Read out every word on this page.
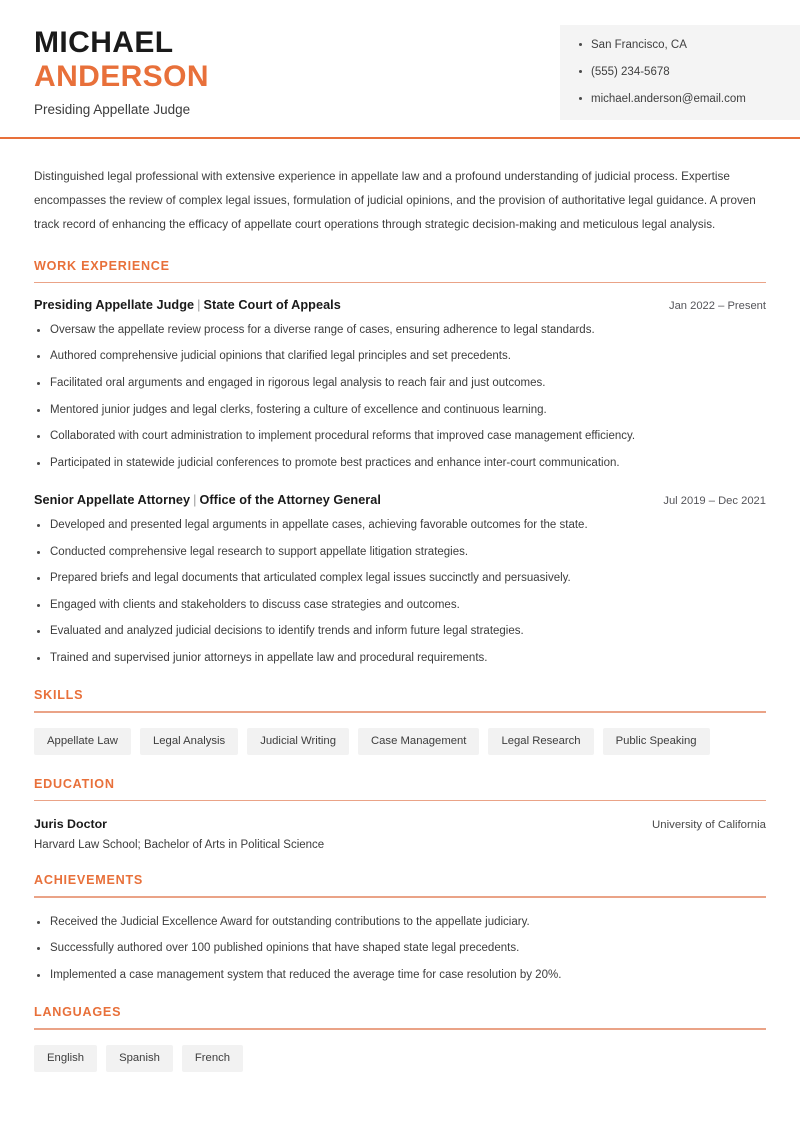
MICHAEL
ANDERSON
Presiding Appellate Judge
San Francisco, CA
(555) 234-5678
michael.anderson@email.com

Distinguished legal professional with extensive experience in appellate law and a profound understanding of judicial process. Expertise encompasses the review of complex legal issues, formulation of judicial opinions, and the provision of authoritative legal guidance. A proven track record of enhancing the efficacy of appellate court operations through strategic decision-making and meticulous legal analysis.

WORK EXPERIENCE
Presiding Appellate Judge | State Court of Appeals	Jan 2022 – Present
Oversaw the appellate review process for a diverse range of cases, ensuring adherence to legal standards.
Authored comprehensive judicial opinions that clarified legal principles and set precedents.
Facilitated oral arguments and engaged in rigorous legal analysis to reach fair and just outcomes.
Mentored junior judges and legal clerks, fostering a culture of excellence and continuous learning.
Collaborated with court administration to implement procedural reforms that improved case management efficiency.
Participated in statewide judicial conferences to promote best practices and enhance inter-court communication.
Senior Appellate Attorney | Office of the Attorney General	Jul 2019 – Dec 2021
Developed and presented legal arguments in appellate cases, achieving favorable outcomes for the state.
Conducted comprehensive legal research to support appellate litigation strategies.
Prepared briefs and legal documents that articulated complex legal issues succinctly and persuasively.
Engaged with clients and stakeholders to discuss case strategies and outcomes.
Evaluated and analyzed judicial decisions to identify trends and inform future legal strategies.
Trained and supervised junior attorneys in appellate law and procedural requirements.
SKILLS
Appellate Law	Legal Analysis	Judicial Writing	Case Management	Legal Research	Public Speaking
EDUCATION
Juris Doctor	University of California
Harvard Law School; Bachelor of Arts in Political Science
ACHIEVEMENTS
Received the Judicial Excellence Award for outstanding contributions to the appellate judiciary.
Successfully authored over 100 published opinions that have shaped state legal precedents.
Implemented a case management system that reduced the average time for case resolution by 20%.
LANGUAGES
English	Spanish	French
